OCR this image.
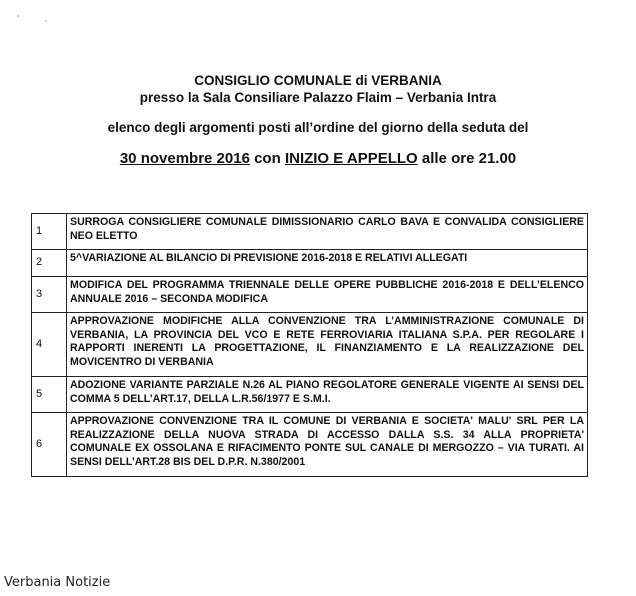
CONSIGLIO COMUNALE di VERBANIA
presso la Sala Consiliare Palazzo Flaim – Verbania Intra
elenco degli argomenti posti all’ordine del giorno della seduta del
30 novembre 2016 con INIZIO E APPELLO alle ore 21.00
1	SURROGA CONSIGLIERE COMUNALE DIMISSIONARIO CARLO BAVA E CONVALIDA CONSIGLIERE NEO ELETTO
2	5^VARIAZIONE AL BILANCIO DI PREVISIONE 2016-2018 E RELATIVI ALLEGATI
3	MODIFICA DEL PROGRAMMA TRIENNALE DELLE OPERE PUBBLICHE 2016-2018 E DELL’ELENCO ANNUALE 2016 – SECONDA MODIFICA
4	APPROVAZIONE MODIFICHE ALLA CONVENZIONE TRA L’AMMINISTRAZIONE COMUNALE DI VERBANIA, LA PROVINCIA DEL VCO E RETE FERROVIARIA ITALIANA S.P.A. PER REGOLARE I RAPPORTI INERENTI LA PROGETTAZIONE, IL FINANZIAMENTO E LA REALIZZAZIONE DEL MOVICENTRO DI VERBANIA
5	ADOZIONE VARIANTE PARZIALE N.26 AL PIANO REGOLATORE GENERALE VIGENTE AI SENSI DEL COMMA 5 DELL’ART.17, DELLA L.R.56/1977 E S.M.I.
6	APPROVAZIONE CONVENZIONE TRA IL COMUNE DI VERBANIA E SOCIETA' MALU' SRL PER LA REALIZZAZIONE DELLA NUOVA STRADA DI ACCESSO DALLA S.S. 34 ALLA PROPRIETA' COMUNALE EX OSSOLANA E RIFACIMENTO PONTE SUL CANALE DI MERGOZZO – VIA TURATI. AI SENSI DELL’ART.28 BIS DEL D.P.R. N.380/2001
Verbania Notizie
